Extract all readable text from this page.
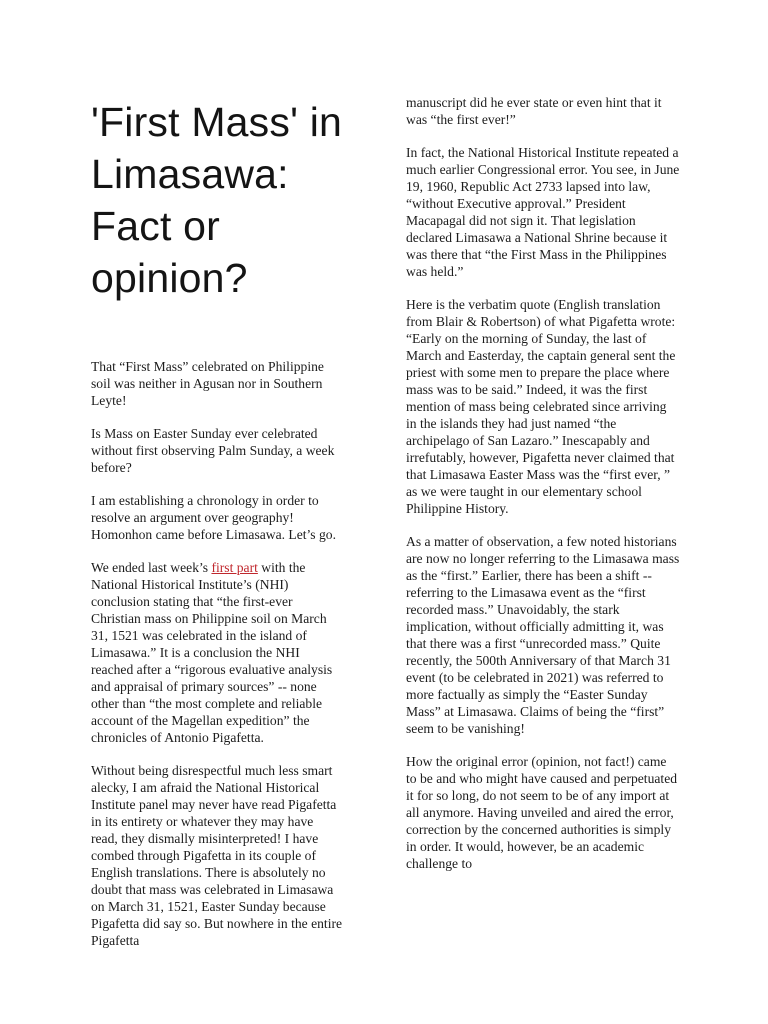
'First Mass' in Limasawa: Fact or opinion?

That “First Mass” celebrated on Philippine soil was neither in Agusan nor in Southern Leyte!

Is Mass on Easter Sunday ever celebrated without first observing Palm Sunday, a week before?

I am establishing a chronology in order to resolve an argument over geography! Homonhon came before Limasawa. Let’s go.

We ended last week’s first part with the National Historical Institute’s (NHI) conclusion stating that “the first-ever Christian mass on Philippine soil on March 31, 1521 was celebrated in the island of Limasawa.” It is a conclusion the NHI reached after a “rigorous evaluative analysis and appraisal of primary sources” -- none other than “the most complete and reliable account of the Magellan expedition” the chronicles of Antonio Pigafetta.

Without being disrespectful much less smart alecky, I am afraid the National Historical Institute panel may never have read Pigafetta in its entirety or whatever they may have read, they dismally misinterpreted! I have combed through Pigafetta in its couple of English translations. There is absolutely no doubt that mass was celebrated in Limasawa on March 31, 1521, Easter Sunday because Pigafetta did say so. But nowhere in the entire Pigafetta

manuscript did he ever state or even hint that it was “the first ever!”

In fact, the National Historical Institute repeated a much earlier Congressional error. You see, in June 19, 1960, Republic Act 2733 lapsed into law, “without Executive approval.” President Macapagal did not sign it. That legislation declared Limasawa a National Shrine because it was there that “the First Mass in the Philippines was held.”

Here is the verbatim quote (English translation from Blair & Robertson) of what Pigafetta wrote: “Early on the morning of Sunday, the last of March and Easterday, the captain general sent the priest with some men to prepare the place where mass was to be said.” Indeed, it was the first mention of mass being celebrated since arriving in the islands they had just named “the archipelago of San Lazaro.” Inescapably and irrefutably, however, Pigafetta never claimed that that Limasawa Easter Mass was the “first ever, ” as we were taught in our elementary school Philippine History.

As a matter of observation, a few noted historians are now no longer referring to the Limasawa mass as the “first.” Earlier, there has been a shift -- referring to the Limasawa event as the “first recorded mass.” Unavoidably, the stark implication, without officially admitting it, was that there was a first “unrecorded mass.” Quite recently, the 500th Anniversary of that March 31 event (to be celebrated in 2021) was referred to more factually as simply the “Easter Sunday Mass” at Limasawa. Claims of being the “first” seem to be vanishing!

How the original error (opinion, not fact!) came to be and who might have caused and perpetuated it for so long, do not seem to be of any import at all anymore. Having unveiled and aired the error, correction by the concerned authorities is simply in order. It would, however, be an academic challenge to
